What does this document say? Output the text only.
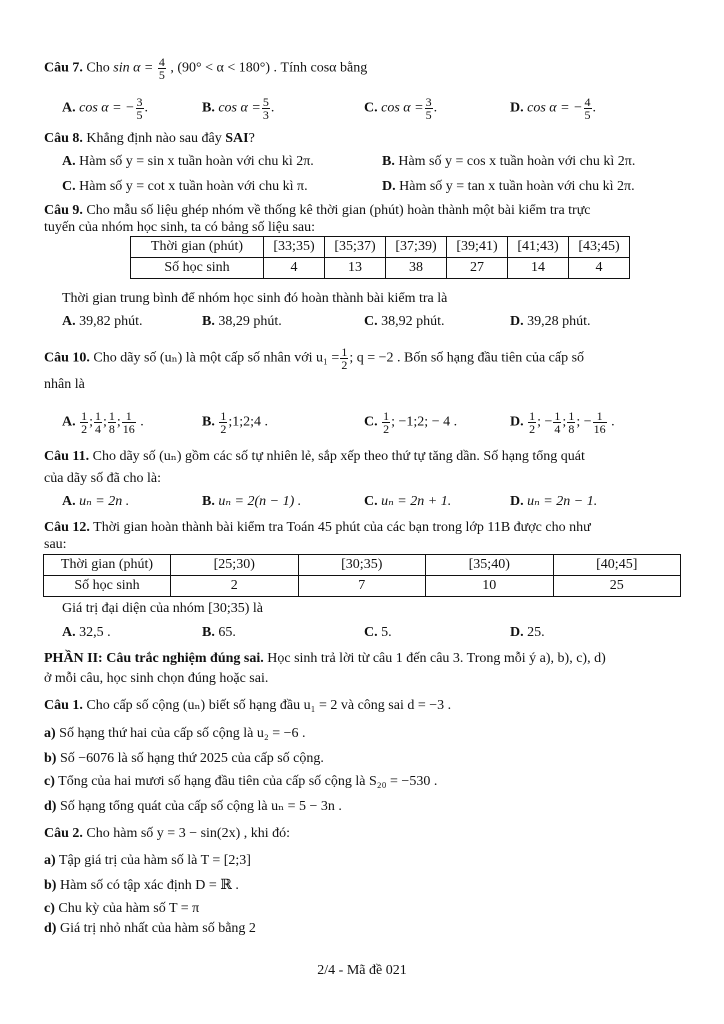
Câu 7. Cho $\sin \alpha = \frac{4}{5}$ , (90° < α < 180°) . Tính cosα bằng
A. cos α = − $\frac{3}{5}$ .	B. $\cos \alpha = \frac{5}{3}$ .	C. $\cos \alpha = \frac{3}{5}$ .	D. cos α = − $\frac{4}{5}$ .
Câu 8. Khẳng định nào sau đây SAI?
A. Hàm số y = sin x tuần hoàn với chu kì 2π.	B. Hàm số y = cos x tuần hoàn với chu kì 2π.
C. Hàm số y = cot x tuần hoàn với chu kì π.	D. Hàm số y = tan x tuần hoàn với chu kì 2π.
Câu 9. Cho mẫu số liệu ghép nhóm về thống kê thời gian (phút) hoàn thành một bài kiểm tra trực
tuyến của nhóm học sinh, ta có bảng số liệu sau:
Thời gian (phút)	[33;35)	[35;37)	[37;39)	[39;41)	[41;43)	[43;45)
Số học sinh	4	13	38	27	14	4
Thời gian trung bình để nhóm học sinh đó hoàn thành bài kiểm tra là
A. 39,82 phút.	B. 38,29 phút.	C. 38,92 phút.	D. 39,28 phút.
Câu 10. Cho dãy số (uₙ) là một cấp số nhân với $u_1 = \frac{1}{2}$ ; q = −2 . Bốn số hạng đầu tiên của cấp số
nhân là
A. $\frac{1}{2}$ ; $\frac{1}{4}$ ; $\frac{1}{8}$ ; $\frac{1}{16}$ .	B. $\frac{1}{2}$ ;1;2;4 .	C. $\frac{1}{2}$ ; −1;2; − 4 .	D. $\frac{1}{2}$ ; − $\frac{1}{4}$ ; $\frac{1}{8}$ ; − $\frac{1}{16}$ .
Câu 11. Cho dãy số (uₙ) gồm các số tự nhiên lẻ, sắp xếp theo thứ tự tăng dần. Số hạng tổng quát
của dãy số đã cho là:
A. uₙ = 2n .	B. uₙ = 2(n − 1) .	C. uₙ = 2n + 1.	D. uₙ = 2n − 1.
Câu 12. Thời gian hoàn thành bài kiểm tra Toán 45 phút của các bạn trong lớp 11B được cho như
sau:
Thời gian (phút)	[25;30)	[30;35)	[35;40)	[40;45]
Số học sinh	2	7	10	25
Giá trị đại diện của nhóm [30;35) là
A. 32,5 .	B. 65.	C. 5.	D. 25.
PHẦN II: Câu trắc nghiệm đúng sai. Học sinh trả lời từ câu 1 đến câu 3. Trong mỗi ý a), b), c), d)
ở mỗi câu, học sinh chọn đúng hoặc sai.
Câu 1. Cho cấp số cộng (uₙ) biết số hạng đầu u₁ = 2 và công sai d = −3 .
a) Số hạng thứ hai của cấp số cộng là u₂ = −6 .
b) Số −6076 là số hạng thứ 2025 của cấp số cộng.
c) Tổng của hai mươi số hạng đầu tiên của cấp số cộng là S₂₀ = −530 .
d) Số hạng tổng quát của cấp số cộng là uₙ = 5 − 3n .
Câu 2. Cho hàm số y = 3 − sin(2x) , khi đó:
a) Tập giá trị của hàm số là T = [2;3]
b) Hàm số có tập xác định D = ℝ .
c) Chu kỳ của hàm số T = π
d) Giá trị nhỏ nhất của hàm số bằng 2
2/4 - Mã đề 021
